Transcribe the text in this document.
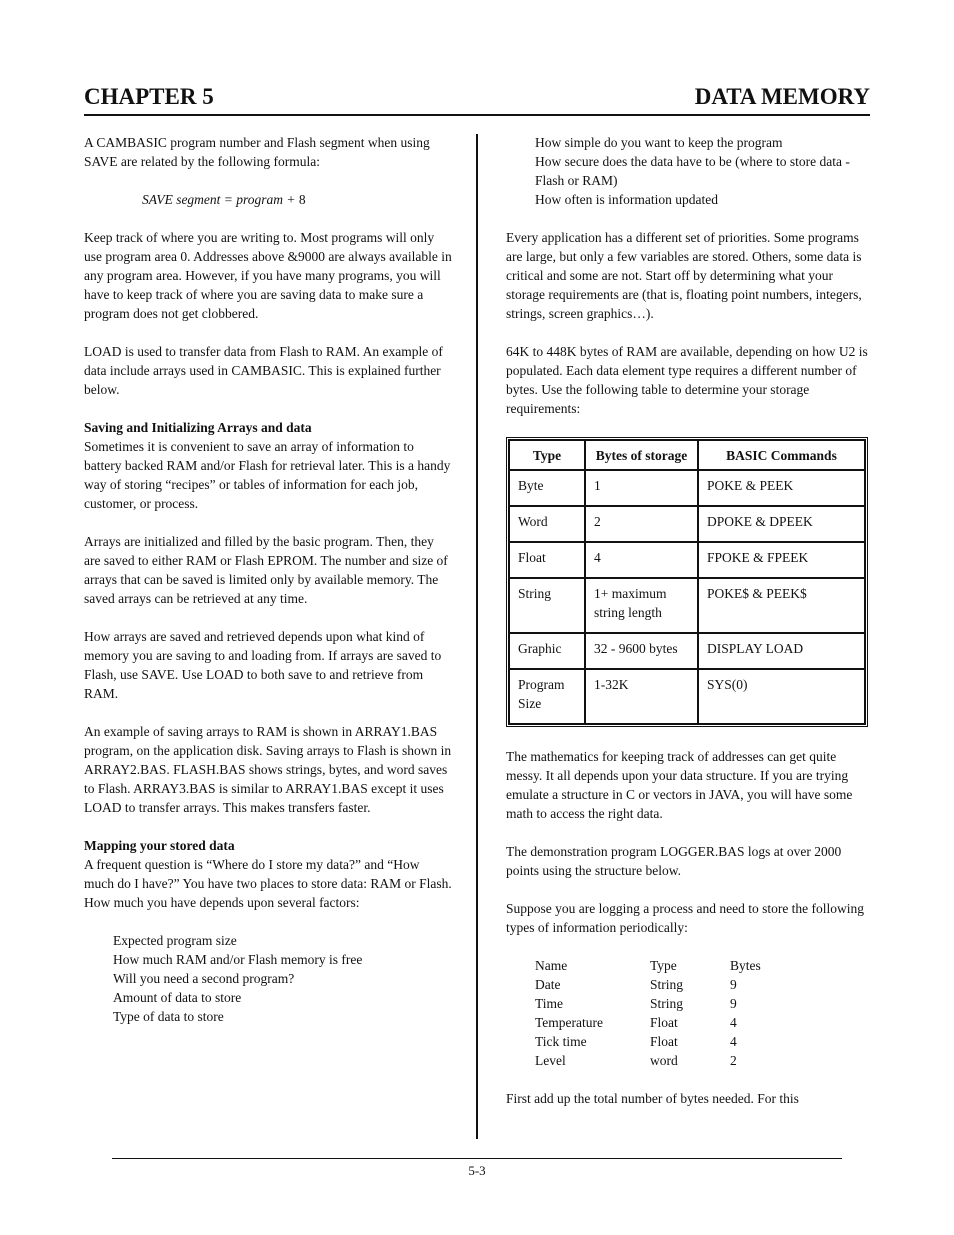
CHAPTER 5	DATA MEMORY

A CAMBASIC program number and Flash segment when using SAVE are related by the following formula:

SAVE segment = program + 8

Keep track of where you are writing to. Most programs will only use program area 0. Addresses above &9000 are always available in any program area. However, if you have many programs, you will have to keep track of where you are saving data to make sure a program does not get clobbered.

LOAD is used to transfer data from Flash to RAM. An example of data include arrays used in CAMBASIC. This is explained further below.

Saving and Initializing Arrays and data

Sometimes it is convenient to save an array of information to battery backed RAM and/or Flash for retrieval later. This is a handy way of storing “recipes” or tables of information for each job, customer, or process.

Arrays are initialized and filled by the basic program. Then, they are saved to either RAM or Flash EPROM. The number and size of arrays that can be saved is limited only by available memory. The saved arrays can be retrieved at any time.

How arrays are saved and retrieved depends upon what kind of memory you are saving to and loading from. If arrays are saved to Flash, use SAVE. Use LOAD to both save to and retrieve from RAM.

An example of saving arrays to RAM is shown in ARRAY1.BAS program, on the application disk. Saving arrays to Flash is shown in ARRAY2.BAS. FLASH.BAS shows strings, bytes, and word saves to Flash. ARRAY3.BAS is similar to ARRAY1.BAS except it uses LOAD to transfer arrays. This makes transfers faster.

Mapping your stored data

A frequent question is “Where do I store my data?” and “How much do I have?” You have two places to store data: RAM or Flash. How much you have depends upon several factors:

Expected program size
How much RAM and/or Flash memory is free
Will you need a second program?
Amount of data to store
Type of data to store
How simple do you want to keep the program
How secure does the data have to be (where to store data - Flash or RAM)
How often is information updated

Every application has a different set of priorities. Some programs are large, but only a few variables are stored. Others, some data is critical and some are not. Start off by determining what your storage requirements are (that is, floating point numbers, integers, strings, screen graphics…).

64K to 448K bytes of RAM are available, depending on how U2 is populated. Each data element type requires a different number of bytes. Use the following table to determine your storage requirements:

Type	Bytes of storage	BASIC Commands
Byte	1	POKE & PEEK
Word	2	DPOKE & DPEEK
Float	4	FPOKE & FPEEK
String	1+ maximum string length	POKE$ & PEEK$
Graphic	32 - 9600 bytes	DISPLAY LOAD
Program Size	1-32K	SYS(0)

The mathematics for keeping track of addresses can get quite messy. It all depends upon your data structure. If you are trying emulate a structure in C or vectors in JAVA, you will have some math to access the right data.

The demonstration program LOGGER.BAS logs at over 2000 points using the structure below.

Suppose you are logging a process and need to store the following types of information periodically:

Name	Type	Bytes
Date	String	9
Time	String	9
Temperature	Float	4
Tick time	Float	4
Level	word	2

First add up the total number of bytes needed. For this

5-3
